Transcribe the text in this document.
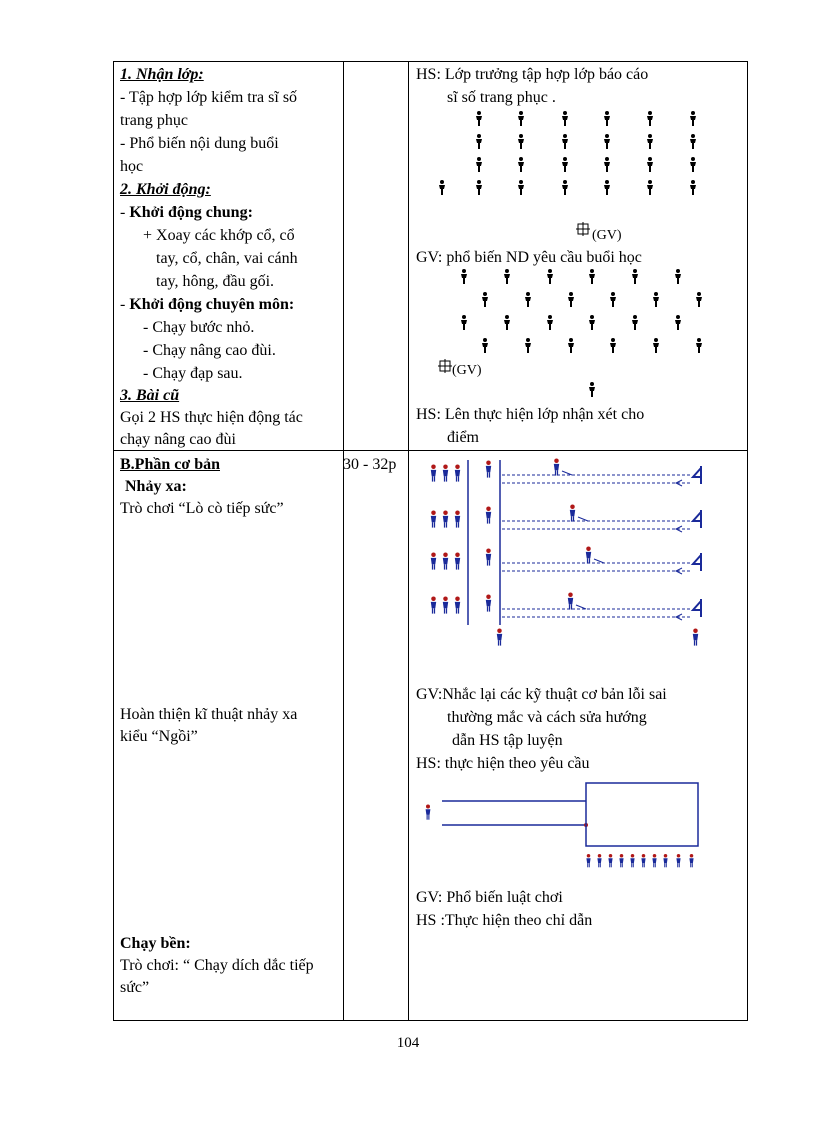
1. Nhận lớp:
- Tập hợp lớp kiểm tra sĩ số
trang phục
- Phổ biến nội dung buổi
học
2. Khởi động:
- Khởi động chung:
+ Xoay các khớp cổ, cổ
tay, cổ, chân, vai cánh
tay, hông, đầu gối.
- Khởi động chuyên môn:
- Chạy bước nhỏ.
- Chạy nâng cao đùi.
- Chạy đạp sau.
3. Bài cũ
Gọi 2 HS thực hiện động tác
chạy nâng cao đùi
HS: Lớp trưởng tập hợp lớp báo cáo
sĩ số trang phục .
(GV)
GV: phổ biến ND yêu cầu buổi học
(GV)
HS: Lên thực hiện lớp nhận xét cho
điểm
B.Phần cơ bản
Nhảy xa:
Trò chơi “Lò cò tiếp sức”
Hoàn thiện kĩ thuật nhảy xa
kiểu “Ngồi”
Chạy bền:
Trò chơi: “ Chạy dích dắc tiếp
sức”
30 - 32p
GV:Nhắc lại các kỹ thuật cơ bản lỗi sai
thường mắc và cách sửa hướng
dẫn HS tập luyện
HS: thực hiện theo yêu cầu
GV: Phổ biến luật chơi
HS :Thực hiện theo chỉ dẫn
104
